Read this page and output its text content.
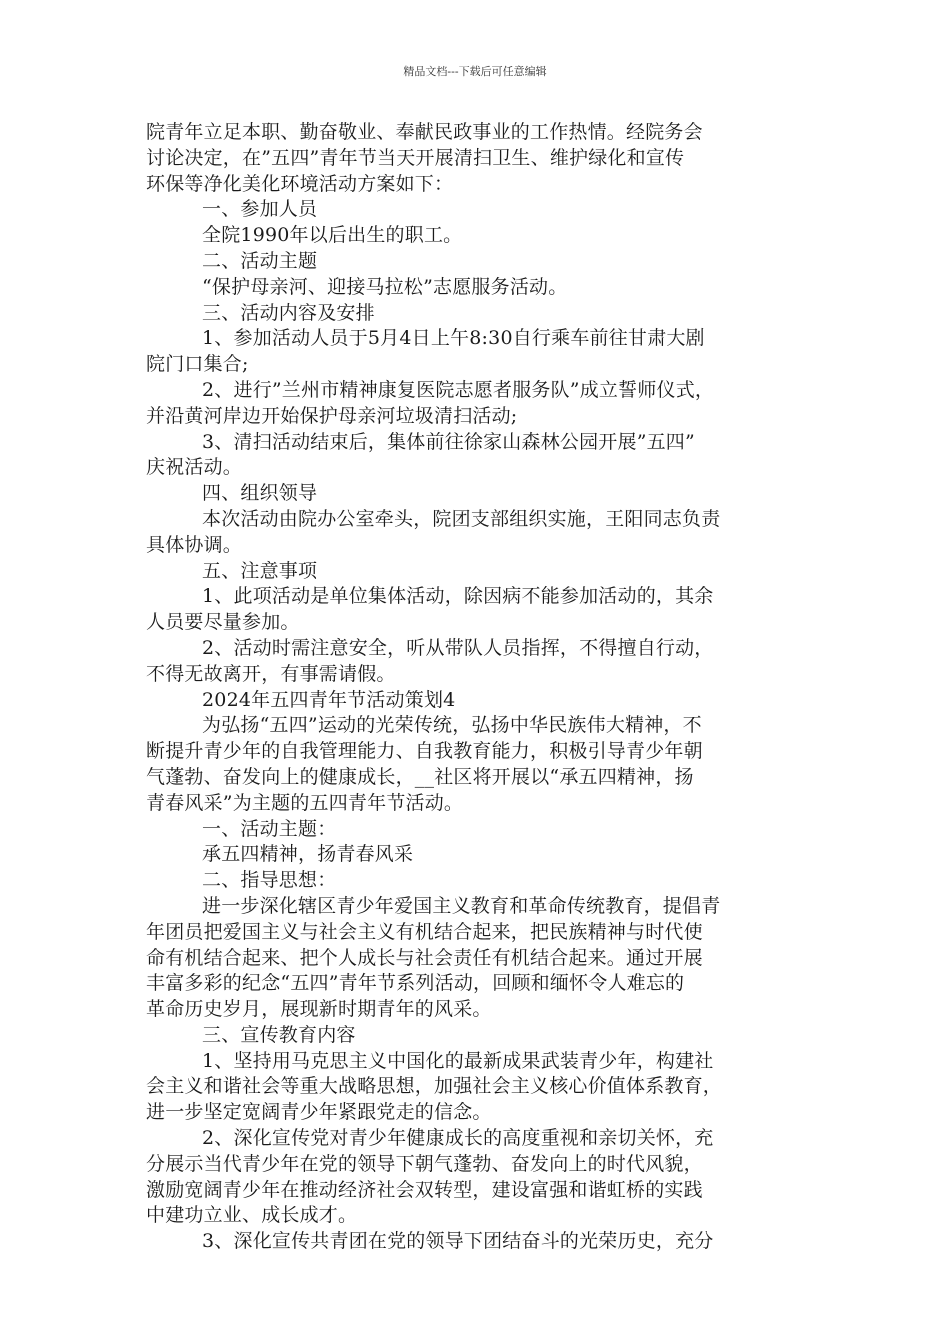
精品文档---下载后可任意编辑
院青年立足本职、勤奋敬业、奉献民政事业的工作热情。经院务会
讨论决定，在”五四”青年节当天开展清扫卫生、维护绿化和宣传
环保等净化美化环境活动方案如下：
一、参加人员
全院1990年以后出生的职工。
二、活动主题
“保护母亲河、迎接马拉松”志愿服务活动。
三、活动内容及安排
1、参加活动人员于5月4日上午8:30自行乘车前往甘肃大剧
院门口集合;
2、进行”兰州市精神康复医院志愿者服务队”成立誓师仪式，
并沿黄河岸边开始保护母亲河垃圾清扫活动;
3、清扫活动结束后，集体前往徐家山森林公园开展”五四”
庆祝活动。
四、组织领导
本次活动由院办公室牵头，院团支部组织实施，王阳同志负责
具体协调。
五、注意事项
1、此项活动是单位集体活动，除因病不能参加活动的，其余
人员要尽量参加。
2、活动时需注意安全，听从带队人员指挥，不得擅自行动，
不得无故离开，有事需请假。
2024年五四青年节活动策划4
为弘扬“五四”运动的光荣传统，弘扬中华民族伟大精神，不
断提升青少年的自我管理能力、自我教育能力，积极引导青少年朝
气蓬勃、奋发向上的健康成长，__社区将开展以“承五四精神，扬
青春风采”为主题的五四青年节活动。
一、活动主题：
承五四精神，扬青春风采
二、指导思想：
进一步深化辖区青少年爱国主义教育和革命传统教育，提倡青
年团员把爱国主义与社会主义有机结合起来，把民族精神与时代使
命有机结合起来、把个人成长与社会责任有机结合起来。通过开展
丰富多彩的纪念“五四”青年节系列活动，回顾和缅怀令人难忘的
革命历史岁月，展现新时期青年的风采。
三、宣传教育内容
1、坚持用马克思主义中国化的最新成果武装青少年，构建社
会主义和谐社会等重大战略思想，加强社会主义核心价值体系教育，
进一步坚定宽阔青少年紧跟党走的信念。
2、深化宣传党对青少年健康成长的高度重视和亲切关怀，充
分展示当代青少年在党的领导下朝气蓬勃、奋发向上的时代风貌，
激励宽阔青少年在推动经济社会双转型，建设富强和谐虹桥的实践
中建功立业、成长成才。
3、深化宣传共青团在党的领导下团结奋斗的光荣历史，充分
